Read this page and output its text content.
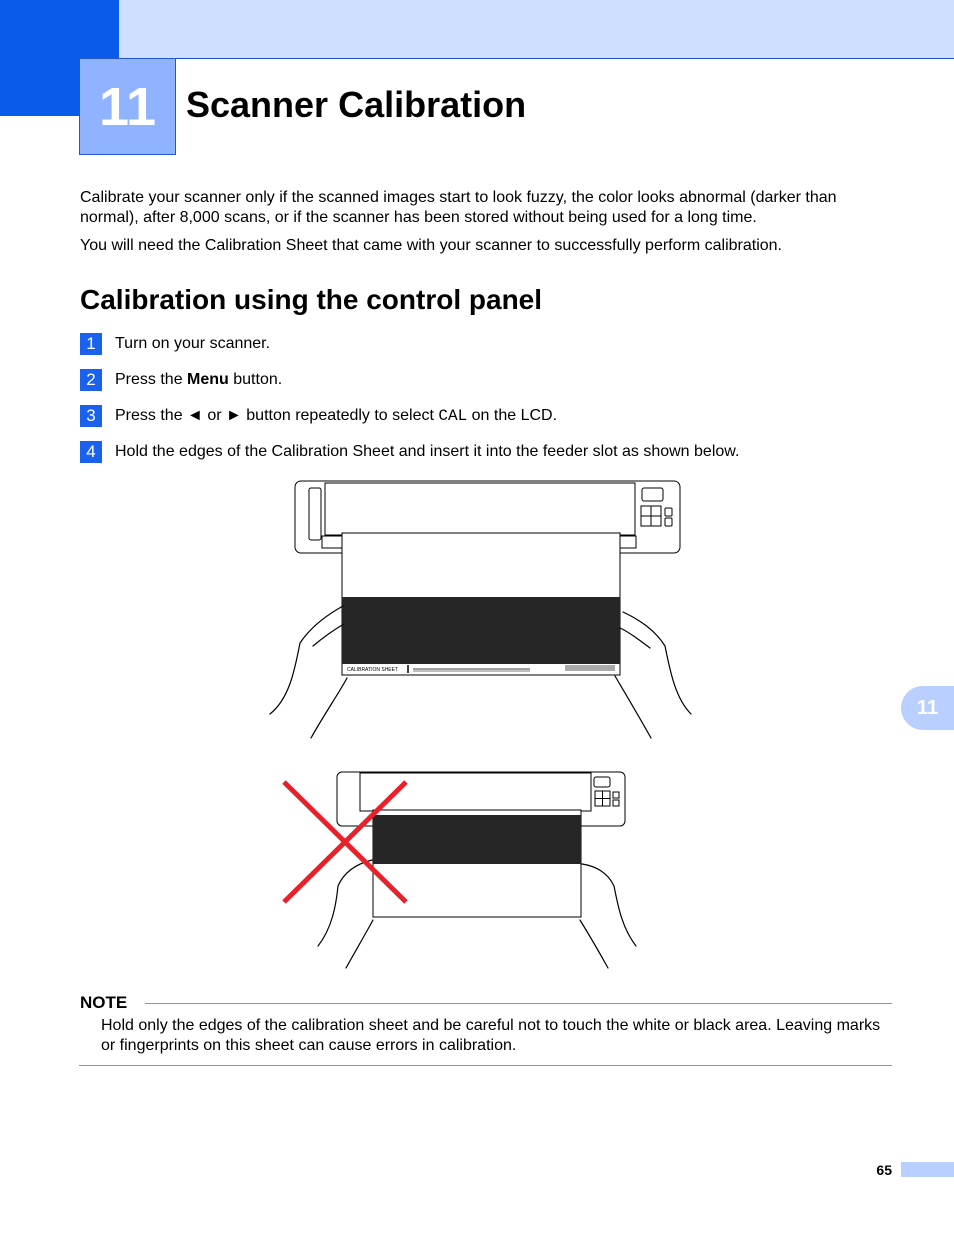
11 Scanner Calibration

Calibrate your scanner only if the scanned images start to look fuzzy, the color looks abnormal (darker than normal), after 8,000 scans, or if the scanner has been stored without being used for a long time.

You will need the Calibration Sheet that came with your scanner to successfully perform calibration.

Calibration using the control panel
1	Turn on your scanner.
2	Press the Menu button.
3	Press the ◄ or ► button repeatedly to select CAL on the LCD.
4	Hold the edges of the Calibration Sheet and insert it into the feeder slot as shown below.
CALIBRATION SHEET
11
NOTE

Hold only the edges of the calibration sheet and be careful not to touch the white or black area. Leaving marks or fingerprints on this sheet can cause errors in calibration.

65
